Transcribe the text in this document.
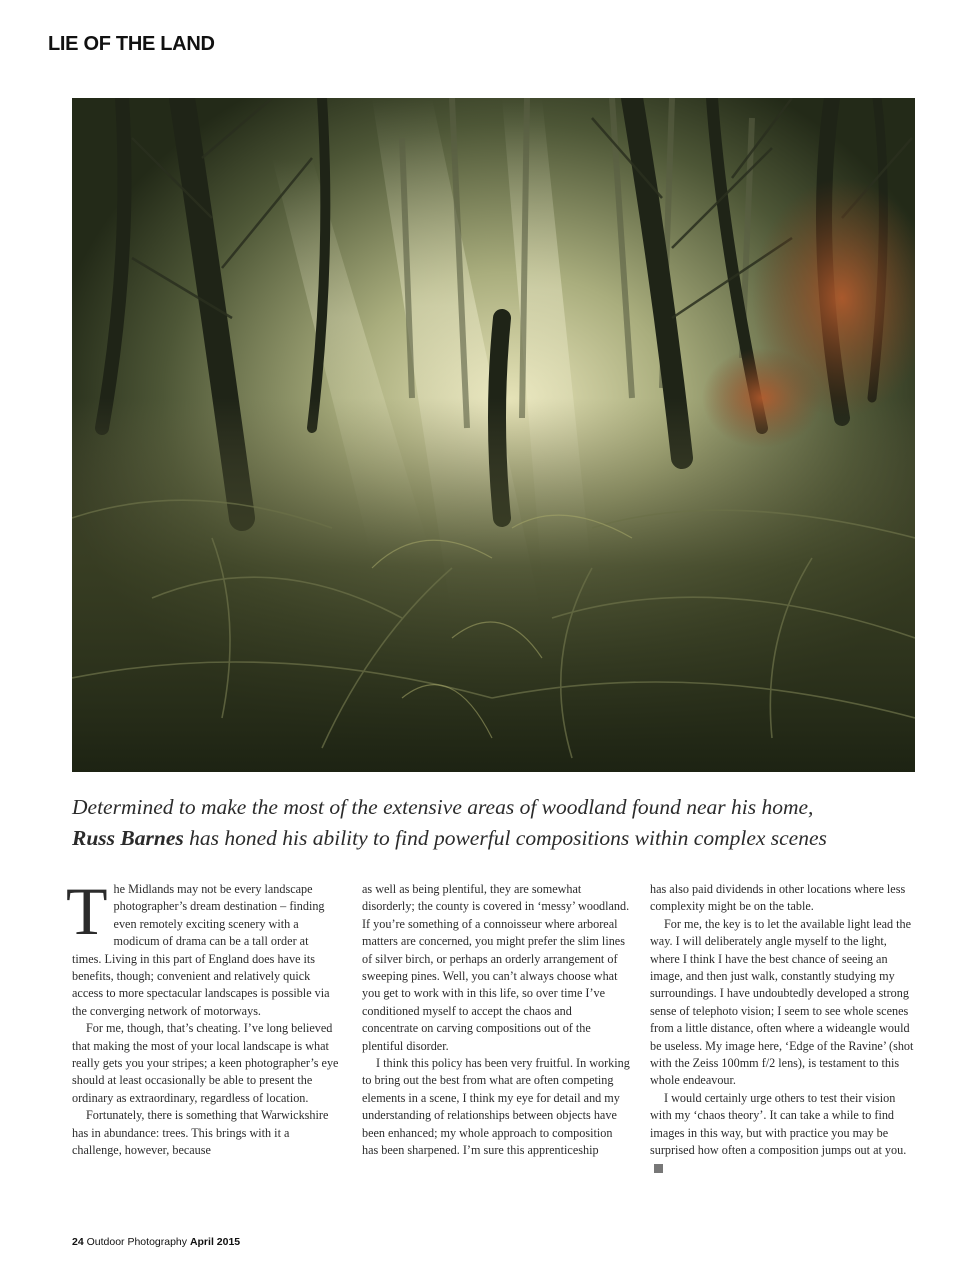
LIE OF THE LAND

Determined to make the most of the extensive areas of woodland found near his home,
Russ Barnes has honed his ability to find powerful compositions within complex scenes

The Midlands may not be every landscape photographer’s dream destination – finding even remotely exciting scenery with a modicum of drama can be a tall order at times. Living in this part of England does have its benefits, though; convenient and relatively quick access to more spectacular landscapes is possible via the converging network of motorways.

For me, though, that’s cheating. I’ve long believed that making the most of your local landscape is what really gets you your stripes; a keen photographer’s eye should at least occasionally be able to present the ordinary as extraordinary, regardless of location.

Fortunately, there is something that Warwickshire has in abundance: trees. This brings with it a challenge, however, because

as well as being plentiful, they are somewhat disorderly; the county is covered in ‘messy’ woodland. If you’re something of a connoisseur where arboreal matters are concerned, you might prefer the slim lines of silver birch, or perhaps an orderly arrangement of sweeping pines. Well, you can’t always choose what you get to work with in this life, so over time I’ve conditioned myself to accept the chaos and concentrate on carving compositions out of the plentiful disorder.

I think this policy has been very fruitful. In working to bring out the best from what are often competing elements in a scene, I think my eye for detail and my understanding of relationships between objects have been enhanced; my whole approach to composition has been sharpened. I’m sure this apprenticeship

has also paid dividends in other locations where less complexity might be on the table.

For me, the key is to let the available light lead the way. I will deliberately angle myself to the light, where I think I have the best chance of seeing an image, and then just walk, constantly studying my surroundings. I have undoubtedly developed a strong sense of telephoto vision; I seem to see whole scenes from a little distance, often where a wideangle would be useless. My image here, ‘Edge of the Ravine’ (shot with the Zeiss 100mm f/2 lens), is testament to this whole endeavour.

I would certainly urge others to test their vision with my ‘chaos theory’. It can take a while to find images in this way, but with practice you may be surprised how often a composition jumps out at you.

24 Outdoor Photography April 2015
